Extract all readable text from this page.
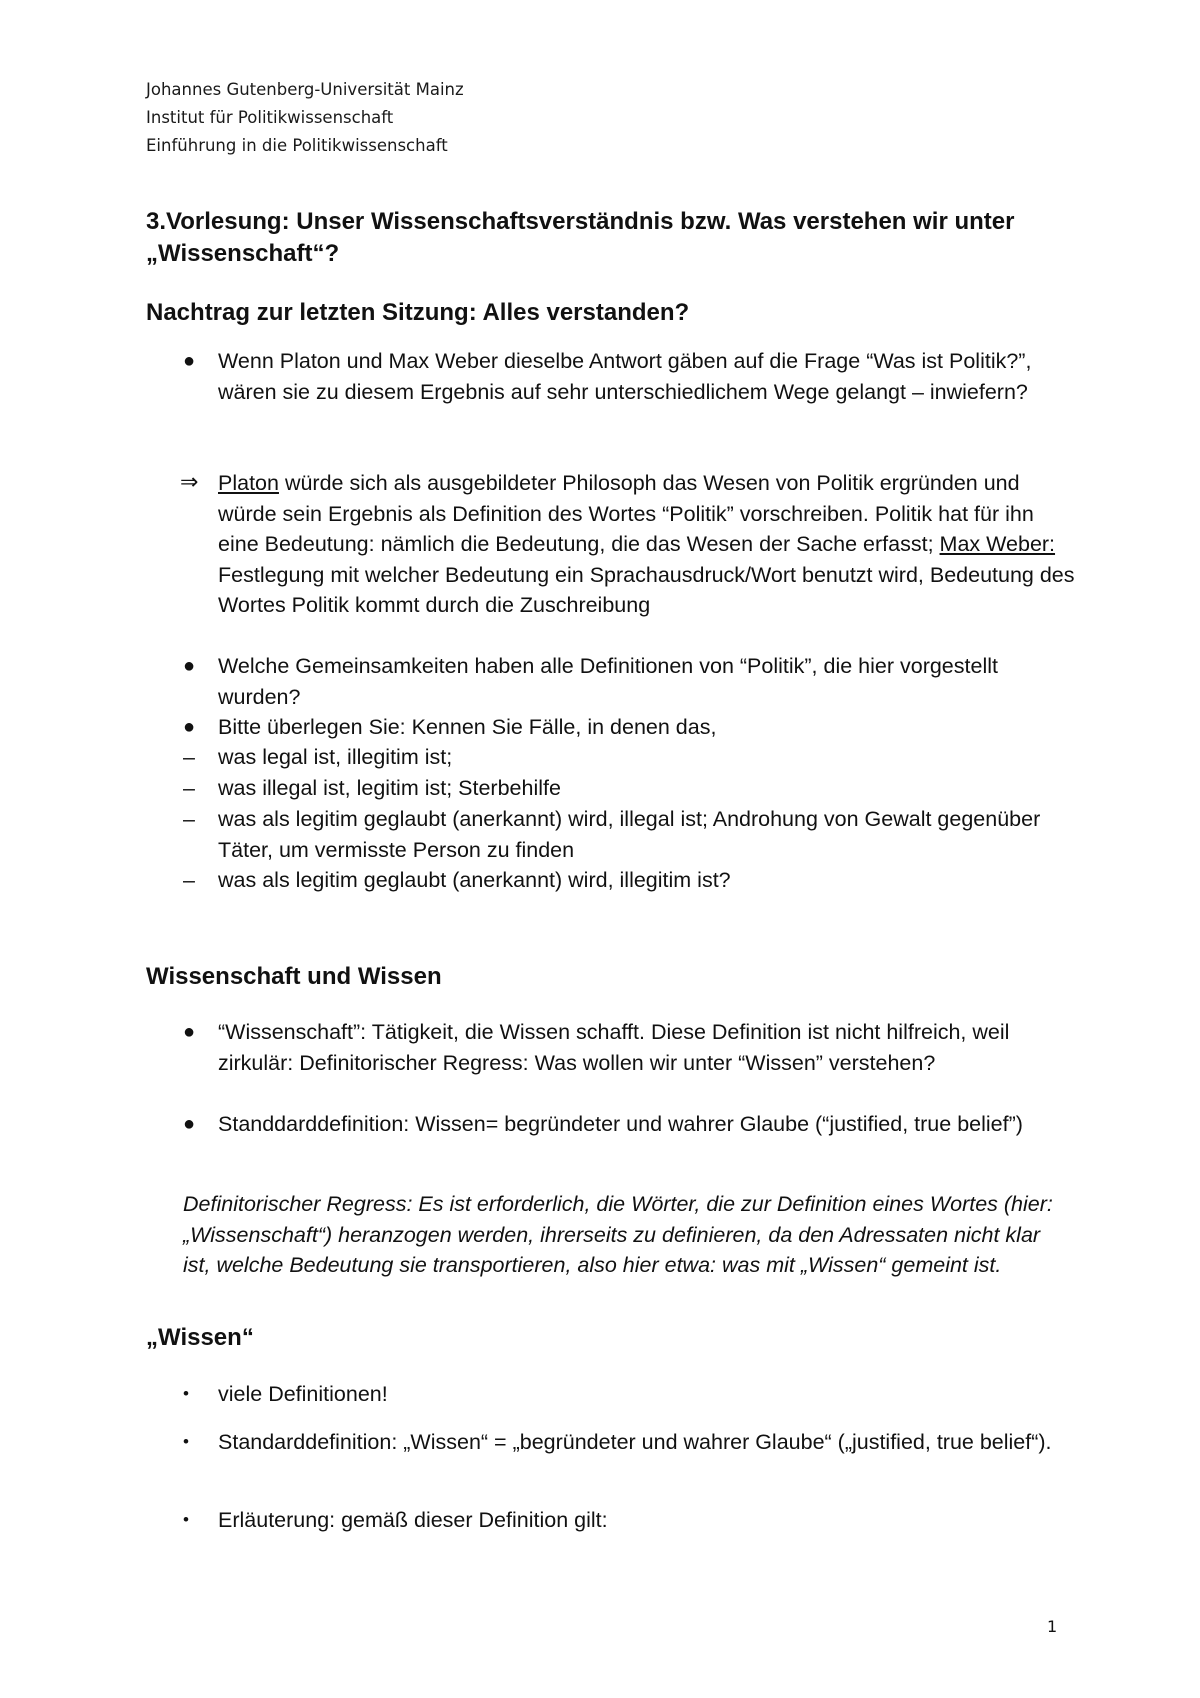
Johannes Gutenberg-Universität Mainz
Institut für Politikwissenschaft
Einführung in die Politikwissenschaft
3.Vorlesung: Unser Wissenschaftsverständnis bzw. Was verstehen wir unter „Wissenschaft“?
Nachtrag zur letzten Sitzung: Alles verstanden?
● Wenn Platon und Max Weber dieselbe Antwort gäben auf die Frage “Was ist Politik?”, wären sie zu diesem Ergebnis auf sehr unterschiedlichem Wege gelangt – inwiefern?
⇒ Platon würde sich als ausgebildeter Philosoph das Wesen von Politik ergründen und würde sein Ergebnis als Definition des Wortes “Politik” vorschreiben. Politik hat für ihn eine Bedeutung: nämlich die Bedeutung, die das Wesen der Sache erfasst; Max Weber: Festlegung mit welcher Bedeutung ein Sprachausdruck/Wort benutzt wird, Bedeutung des Wortes Politik kommt durch die Zuschreibung
● Welche Gemeinsamkeiten haben alle Definitionen von “Politik”, die hier vorgestellt wurden?
● Bitte überlegen Sie: Kennen Sie Fälle, in denen das,
– was legal ist, illegitim ist;
– was illegal ist, legitim ist; Sterbehilfe
– was als legitim geglaubt (anerkannt) wird, illegal ist; Androhung von Gewalt gegenüber Täter, um vermisste Person zu finden
– was als legitim geglaubt (anerkannt) wird, illegitim ist?
Wissenschaft und Wissen
● “Wissenschaft”: Tätigkeit, die Wissen schafft. Diese Definition ist nicht hilfreich, weil zirkulär: Definitorischer Regress: Was wollen wir unter “Wissen” verstehen?
● Standdarddefinition: Wissen= begründeter und wahrer Glaube (“justified, true belief”)
Definitorischer Regress: Es ist erforderlich, die Wörter, die zur Definition eines Wortes (hier: „Wissenschaft“) heranzogen werden, ihrerseits zu definieren, da den Adressaten nicht klar ist, welche Bedeutung sie transportieren, also hier etwa: was mit „Wissen“ gemeint ist.
„Wissen“
• viele Definitionen!
• Standarddefinition: „Wissen“ = „begründeter und wahrer Glaube“ („justified, true belief“).
• Erläuterung: gemäß dieser Definition gilt:
1
